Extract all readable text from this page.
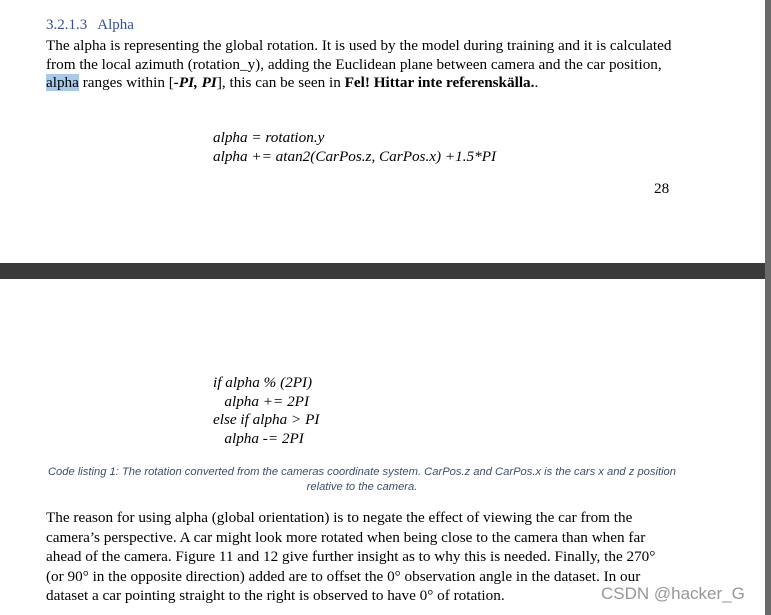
3.2.1.3 Alpha
The alpha is representing the global rotation. It is used by the model during training and it is calculated from the local azimuth (rotation_y), adding the Euclidean plane between camera and the car position, alpha ranges within [-PI, PI], this can be seen in Fel! Hittar inte referenskälla..
alpha = rotation.y
alpha += atan2(CarPos.z, CarPos.x) +1.5*PI
28
if alpha % (2PI)
alpha += 2PI
else if alpha > PI
alpha -= 2PI
Code listing 1: The rotation converted from the cameras coordinate system. CarPos.z and CarPos.x is the cars x and z position relative to the camera.
The reason for using alpha (global orientation) is to negate the effect of viewing the car from the camera’s perspective. A car might look more rotated when being close to the camera than when far ahead of the camera. Figure 11 and 12 give further insight as to why this is needed. Finally, the 270° (or 90° in the opposite direction) added are to offset the 0° observation angle in the dataset. In our dataset a car pointing straight to the right is observed to have 0° of rotation.	CSDN @hacker_G
